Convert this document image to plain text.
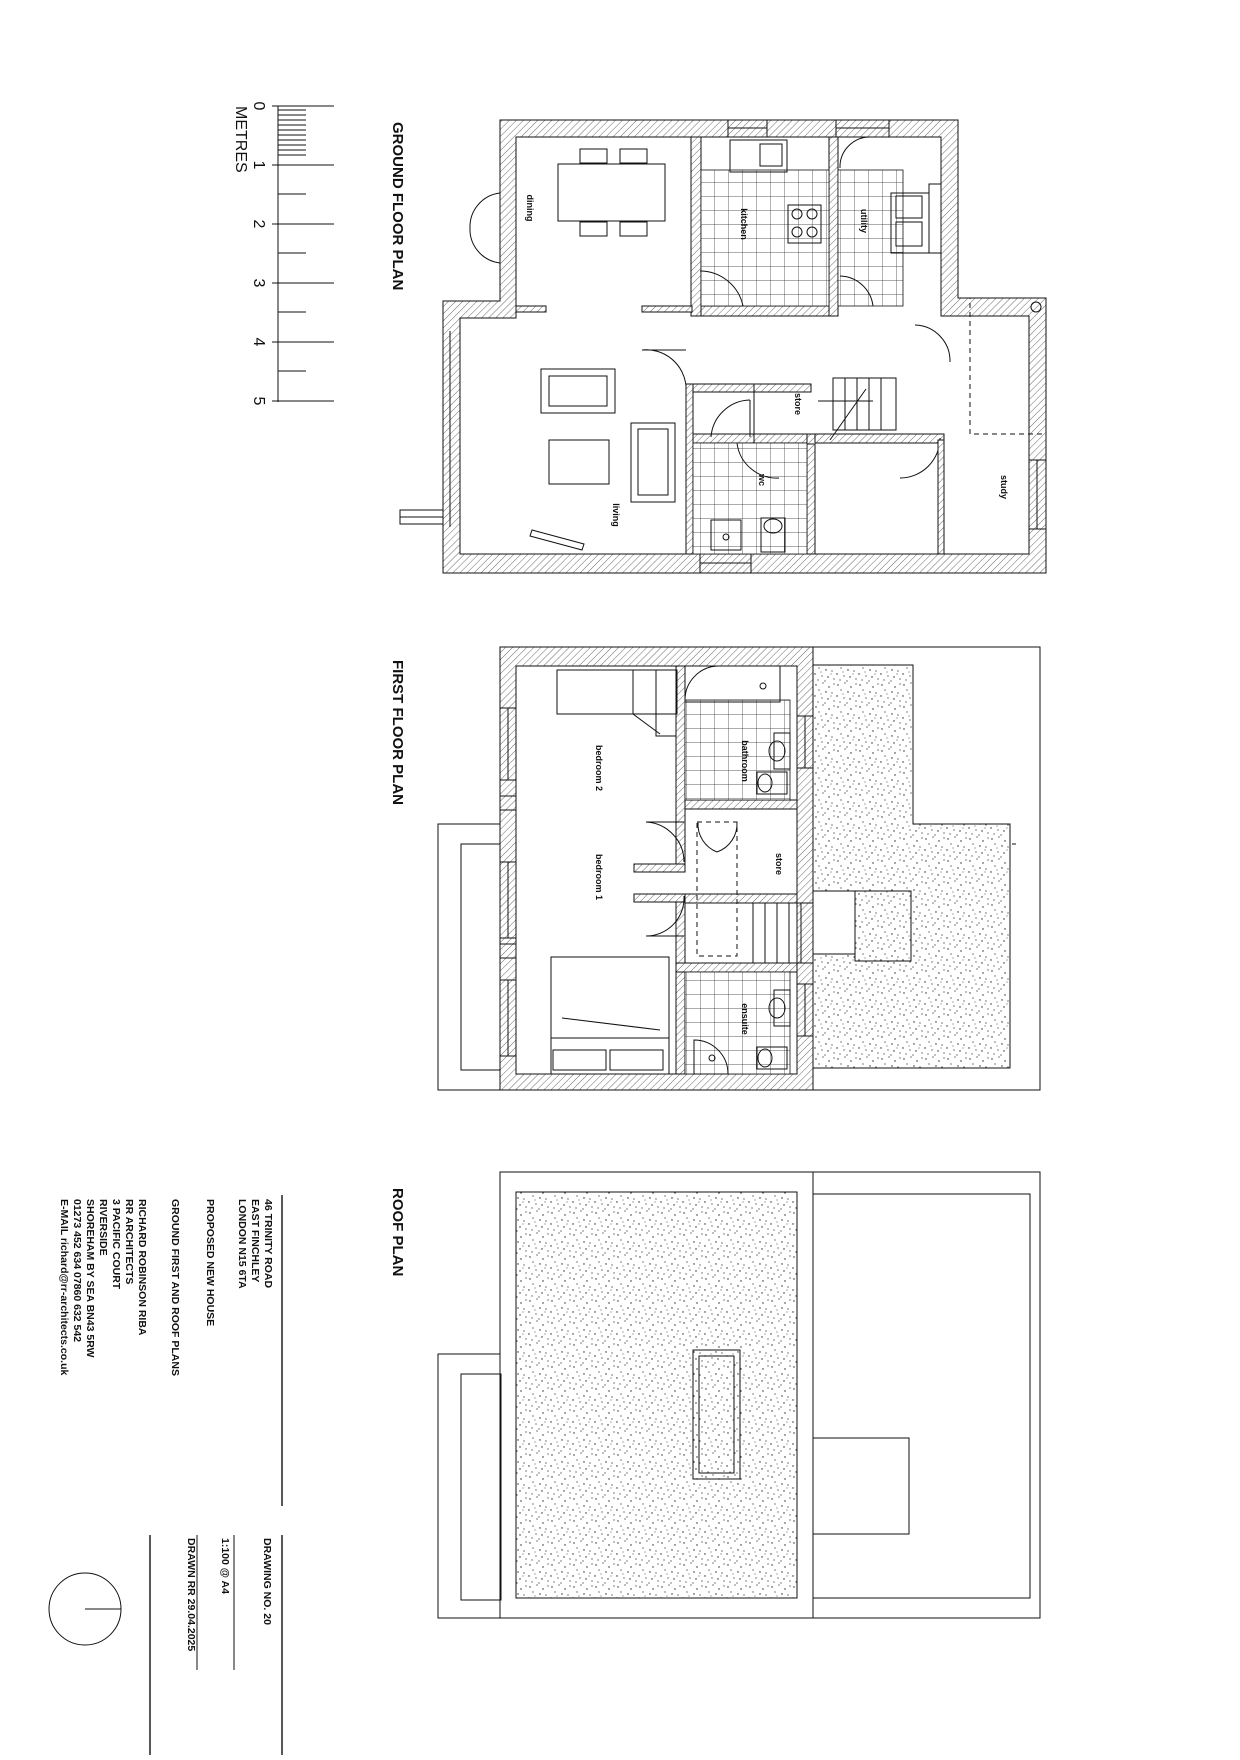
0
1
2
3
4
5
METRES	GROUND FLOOR PLAN
FIRST FLOOR PLAN
ROOF PLAN
dining
kitchen	utility
living
store
wc	study
bedroom 2	bathroom
bedroom 1	store
ensuite
46 TRINITY ROAD
EAST FINCHLEY
LONDON N15 6TA
PROPOSED NEW HOUSE
GROUND FIRST AND ROOF PLANS
RICHARD ROBINSON RIBA
RR ARCHITECTS
3 PACIFIC COURT
RIVERSIDE
SHOREHAM BY SEA BN43 5RW
01273 452 634 07860 632 542
E-MAIL richard@rr-architects.co.uk
DRAWING NO. 20
1:100 @ A4
DRAWN RR 29.04.2025
